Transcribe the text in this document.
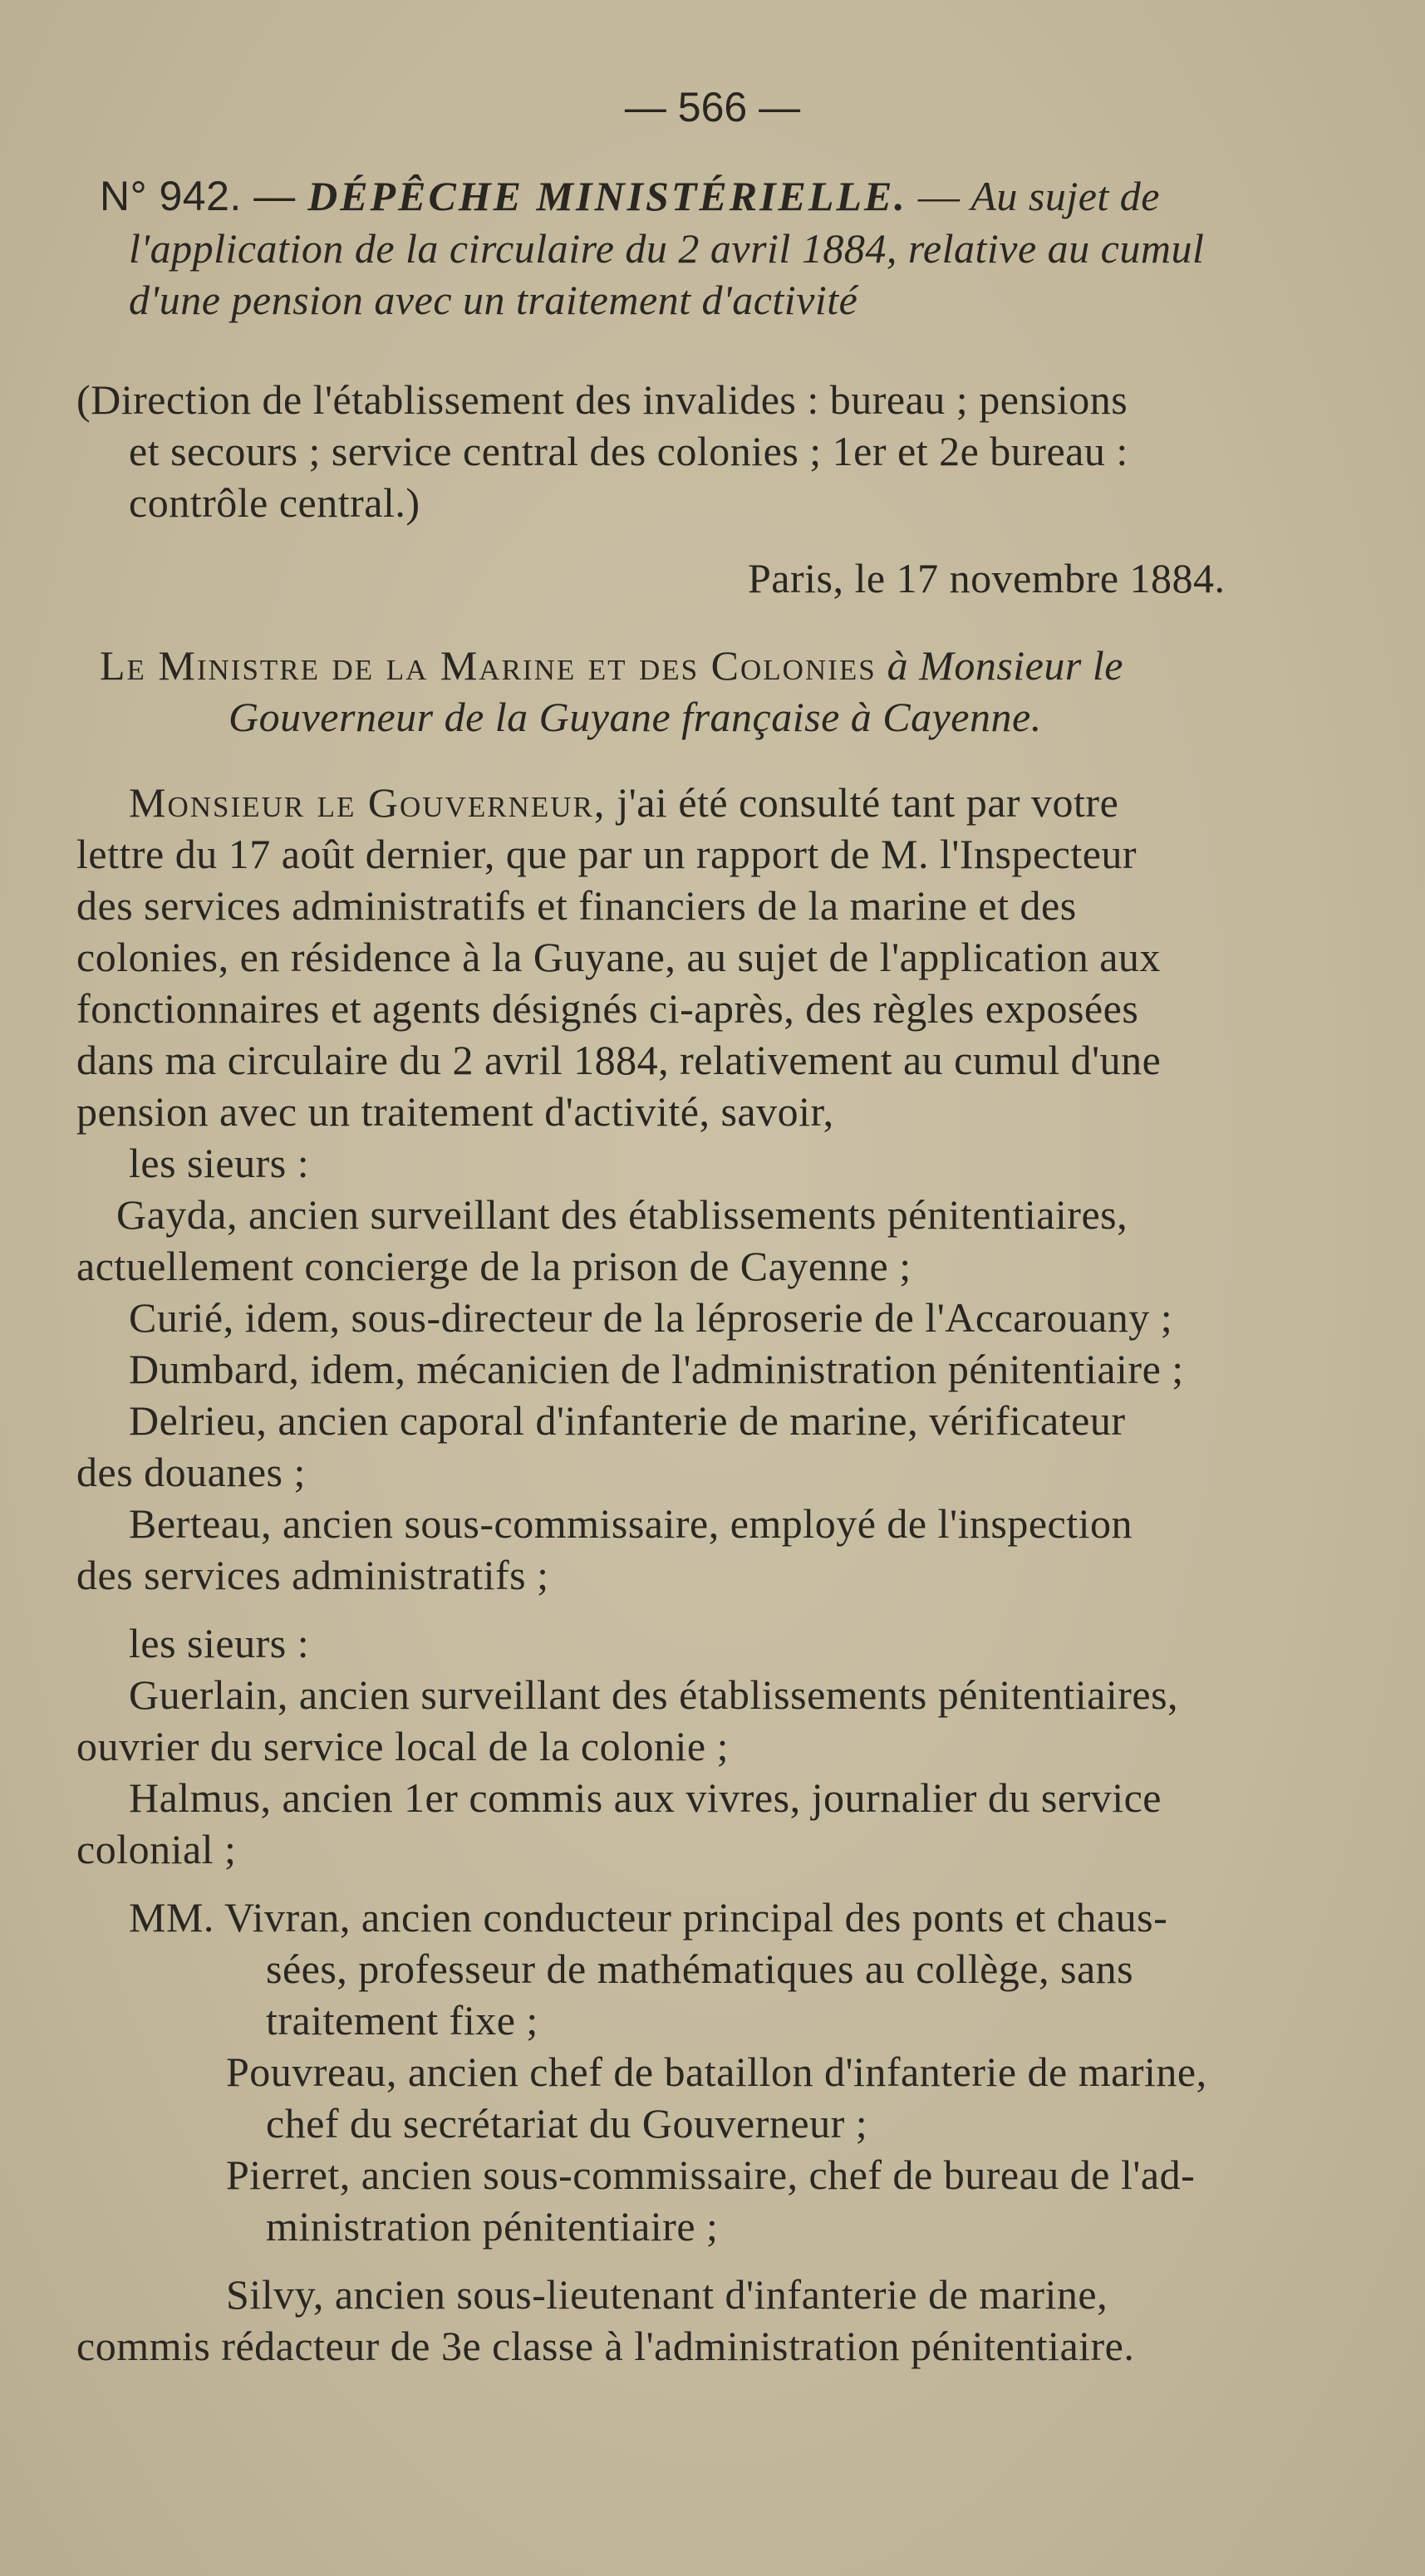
— 566 —
N° 942. — DÉPÊCHE MINISTÉRIELLE. — Au sujet de
l'application de la circulaire du 2 avril 1884, relative au cumul
d'une pension avec un traitement d'activité
(Direction de l'établissement des invalides : bureau ; pensions
et secours ; service central des colonies ; 1er et 2e bureau :
contrôle central.)
Paris, le 17 novembre 1884.
Le Ministre de la Marine et des Colonies à Monsieur le
Gouverneur de la Guyane française à Cayenne.
Monsieur le Gouverneur, j'ai été consulté tant par votre
lettre du 17 août dernier, que par un rapport de M. l'Inspecteur
des services administratifs et financiers de la marine et des
colonies, en résidence à la Guyane, au sujet de l'application aux
fonctionnaires et agents désignés ci-après, des règles exposées
dans ma circulaire du 2 avril 1884, relativement au cumul d'une
pension avec un traitement d'activité, savoir,
les sieurs :
Gayda, ancien surveillant des établissements pénitentiaires,
actuellement concierge de la prison de Cayenne ;
Curié, idem, sous-directeur de la léproserie de l'Accarouany ;
Dumbard, idem, mécanicien de l'administration pénitentiaire ;
Delrieu, ancien caporal d'infanterie de marine, vérificateur
des douanes ;
Berteau, ancien sous-commissaire, employé de l'inspection
des services administratifs ;
les sieurs :
Guerlain, ancien surveillant des établissements pénitentiaires,
ouvrier du service local de la colonie ;
Halmus, ancien 1er commis aux vivres, journalier du service
colonial ;
MM. Vivran, ancien conducteur principal des ponts et chaus-
sées, professeur de mathématiques au collège, sans
traitement fixe ;
Pouvreau, ancien chef de bataillon d'infanterie de marine,
chef du secrétariat du Gouverneur ;
Pierret, ancien sous-commissaire, chef de bureau de l'ad-
ministration pénitentiaire ;
Silvy, ancien sous-lieutenant d'infanterie de marine,
commis rédacteur de 3e classe à l'administration pénitentiaire.
